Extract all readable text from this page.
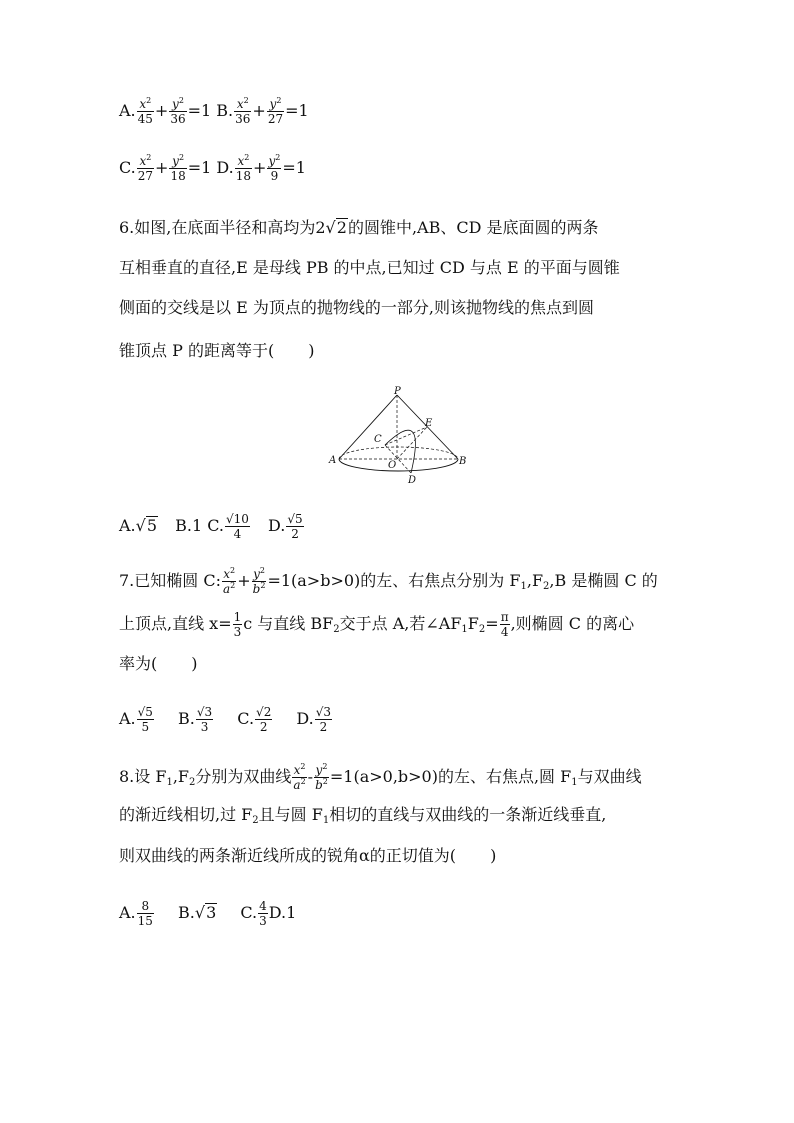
A. $\frac{x^2}{45} + \frac{y^2}{36} =1$ B. $\frac{x^2}{36} + \frac{y^2}{27} =1$
C. $\frac{x^2}{27} + \frac{y^2}{18} =1$ D. $\frac{x^2}{18} + \frac{y^2}{9} =1$
6.如图,在底面半径和高均为2√2的圆锥中,AB、CD 是底面圆的两条
互相垂直的直径,E 是母线 PB 的中点,已知过 CD 与点 E 的平面与圆锥
侧面的交线是以 E 为顶点的抛物线的一部分,则该抛物线的焦点到圆
锥顶点 P 的距离等于( )
P
E
C
A	O	B
D
A.√5 B.1 C. $\frac{√10}{4} D$. $\frac{√5}{2}$
7.已知椭圆 C: $\frac{x^2}{a^2} + \frac{y^2}{b^2} =1(a>b>0)$的左、右焦点分别为 $F_1,F_2,B$ 是椭圆 C 的
上顶点,直线 $x= \frac{1}{3}$ c 与直线 $BF_2$交于点 A,若$\angle AF_1F_2= \frac{\pi}{4}$ ,则椭圆 C 的离心
率为( )
A. $\frac{√5}{5} B$. $\frac{√3}{3} C$. $\frac{√2}{2} D$. $\frac{√3}{2}$
8.设 $F_1,F_2$分别为双曲线 $\frac{x^2}{a^2} - \frac{y^2}{b^2} =1(a>0,b>0)$的左、右焦点,圆 $F_1$与双曲线
的渐近线相切,过 $F_2$且与圆 $F_1$相切的直线与双曲线的一条渐近线垂直,
则双曲线的两条渐近线所成的锐角α的正切值为( )
A. $\frac{8}{15} B.√3$ C. $\frac{4}{3} D.1$
